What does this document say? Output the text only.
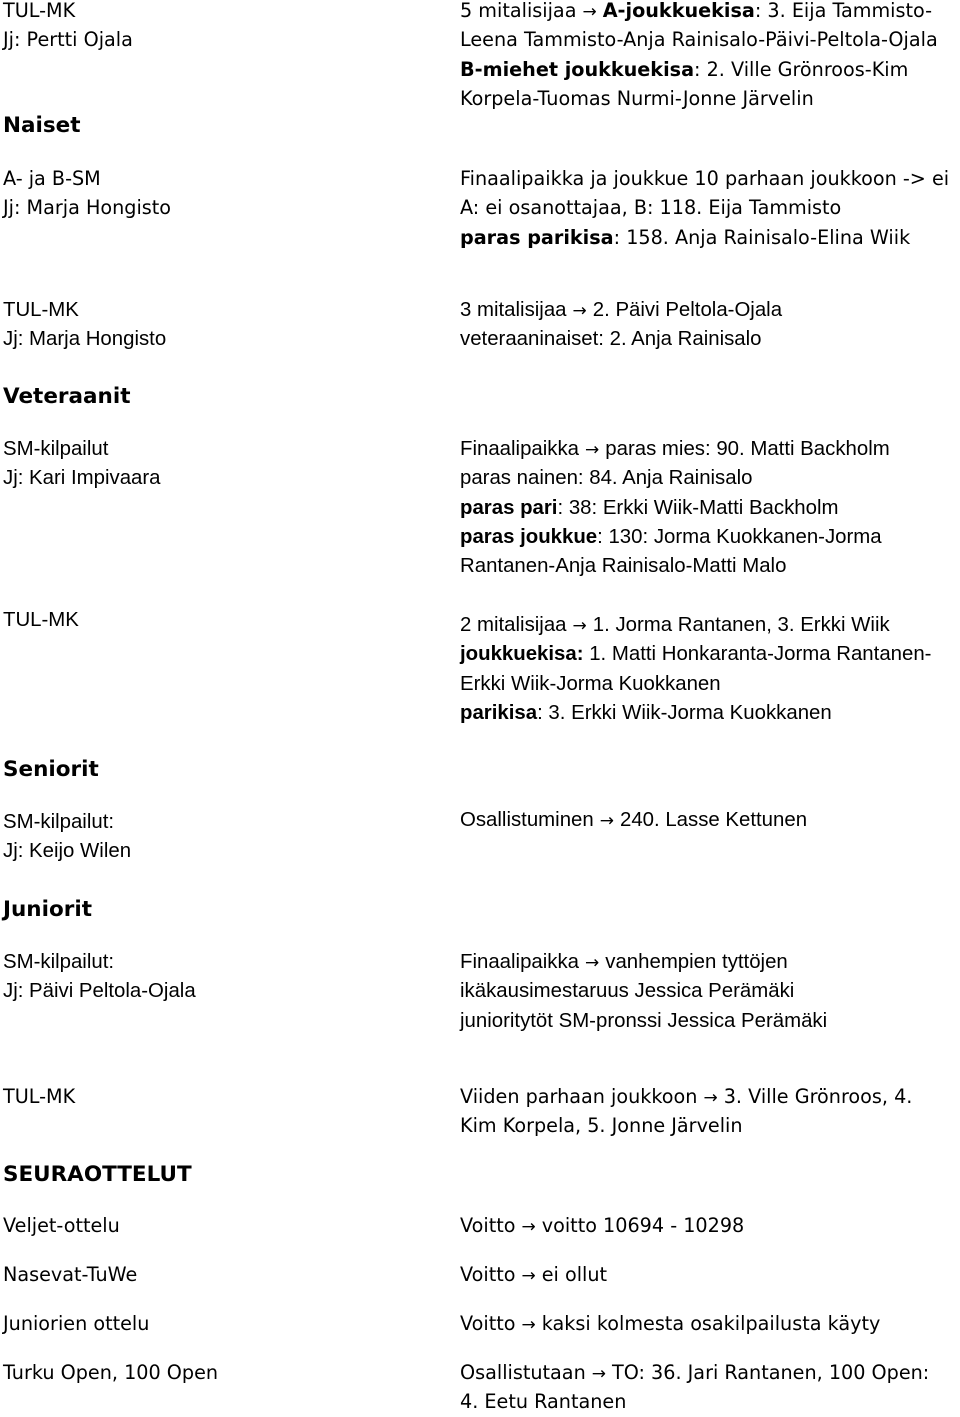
TUL-MK
Jj: Pertti Ojala
Naiset
A- ja B-SM
Jj: Marja Hongisto
TUL-MK
Jj: Marja Hongisto
Veteraanit
SM-kilpailut
Jj: Kari Impivaara
TUL-MK
Seniorit
SM-kilpailut:
Jj: Keijo Wilen
Juniorit
SM-kilpailut:
Jj: Päivi Peltola-Ojala
TUL-MK
SEURAOTTELUT
Veljet-ottelu
Nasevat-TuWe
Juniorien ottelu
Turku Open, 100 Open
5 mitalisijaa → A-joukkuekisa: 3. Eija Tammisto-
Leena Tammisto-Anja Rainisalo-Päivi-Peltola-Ojala
B-miehet joukkuekisa: 2. Ville Grönroos-Kim
Korpela-Tuomas Nurmi-Jonne Järvelin
Finaalipaikka ja joukkue 10 parhaan joukkoon -> ei
A: ei osanottajaa, B: 118. Eija Tammisto
paras parikisa: 158. Anja Rainisalo-Elina Wiik
3 mitalisijaa → 2. Päivi Peltola-Ojala
veteraaninaiset: 2. Anja Rainisalo
Finaalipaikka → paras mies: 90. Matti Backholm
paras nainen: 84. Anja Rainisalo
paras pari: 38: Erkki Wiik-Matti Backholm
paras joukkue: 130: Jorma Kuokkanen-Jorma
Rantanen-Anja Rainisalo-Matti Malo
2 mitalisijaa → 1. Jorma Rantanen, 3. Erkki Wiik
joukkuekisa: 1. Matti Honkaranta-Jorma Rantanen-
Erkki Wiik-Jorma Kuokkanen
parikisa: 3. Erkki Wiik-Jorma Kuokkanen
Osallistuminen → 240. Lasse Kettunen
Finaalipaikka → vanhempien tyttöjen
ikäkausimestaruus Jessica Perämäki
junioritytöt SM-pronssi Jessica Perämäki
Viiden parhaan joukkoon → 3. Ville Grönroos, 4.
Kim Korpela, 5. Jonne Järvelin
Voitto → voitto 10694 - 10298
Voitto → ei ollut
Voitto → kaksi kolmesta osakilpailusta käyty
Osallistutaan → TO: 36. Jari Rantanen, 100 Open:
4. Eetu Rantanen
